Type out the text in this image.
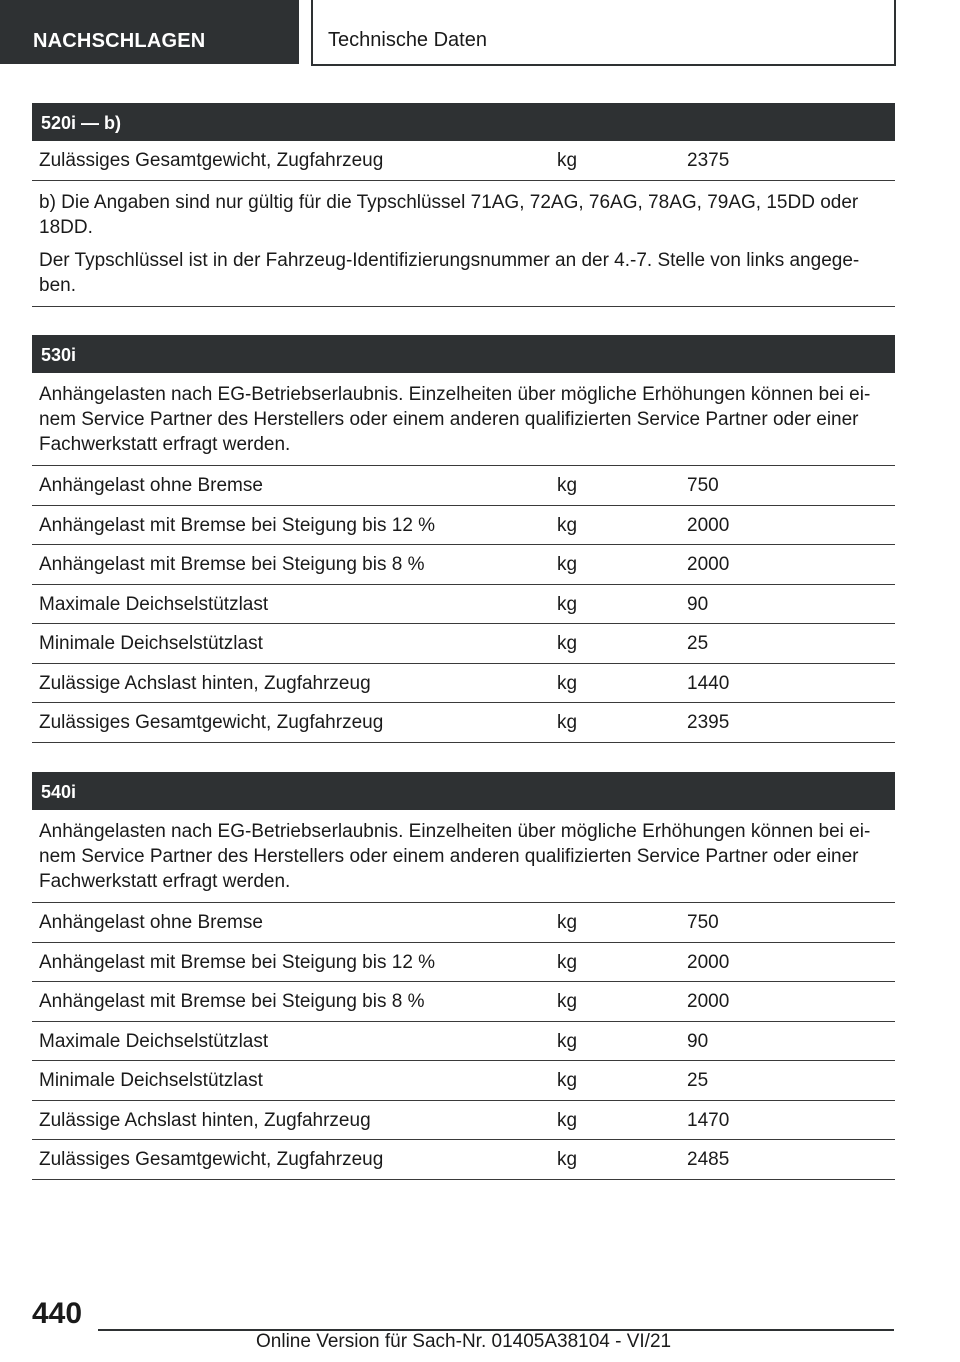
NACHSCHLAGEN	Technische Daten
520i — b)
Zulässiges Gesamtgewicht, Zugfahrzeug	kg	2375

b) Die Angaben sind nur gültig für die Typschlüssel 71AG, 72AG, 76AG, 78AG, 79AG, 15DD oder 18DD.

Der Typschlüssel ist in der Fahrzeug-Identifizierungsnummer an der 4.-7. Stelle von links angege-ben.

530i
Anhängelasten nach EG-Betriebserlaubnis. Einzelheiten über mögliche Erhöhungen können bei ei-nem Service Partner des Herstellers oder einem anderen qualifizierten Service Partner oder einer Fachwerkstatt erfragt werden.
Anhängelast ohne Bremse	kg	750
Anhängelast mit Bremse bei Steigung bis 12 %	kg	2000
Anhängelast mit Bremse bei Steigung bis 8 %	kg	2000
Maximale Deichselstützlast	kg	90
Minimale Deichselstützlast	kg	25
Zulässige Achslast hinten, Zugfahrzeug	kg	1440
Zulässiges Gesamtgewicht, Zugfahrzeug	kg	2395
540i
Anhängelasten nach EG-Betriebserlaubnis. Einzelheiten über mögliche Erhöhungen können bei ei-nem Service Partner des Herstellers oder einem anderen qualifizierten Service Partner oder einer Fachwerkstatt erfragt werden.
Anhängelast ohne Bremse	kg	750
Anhängelast mit Bremse bei Steigung bis 12 %	kg	2000
Anhängelast mit Bremse bei Steigung bis 8 %	kg	2000
Maximale Deichselstützlast	kg	90
Minimale Deichselstützlast	kg	25
Zulässige Achslast hinten, Zugfahrzeug	kg	1470
Zulässiges Gesamtgewicht, Zugfahrzeug	kg	2485
440
Online Version für Sach-Nr. 01405A38104 - VI/21
